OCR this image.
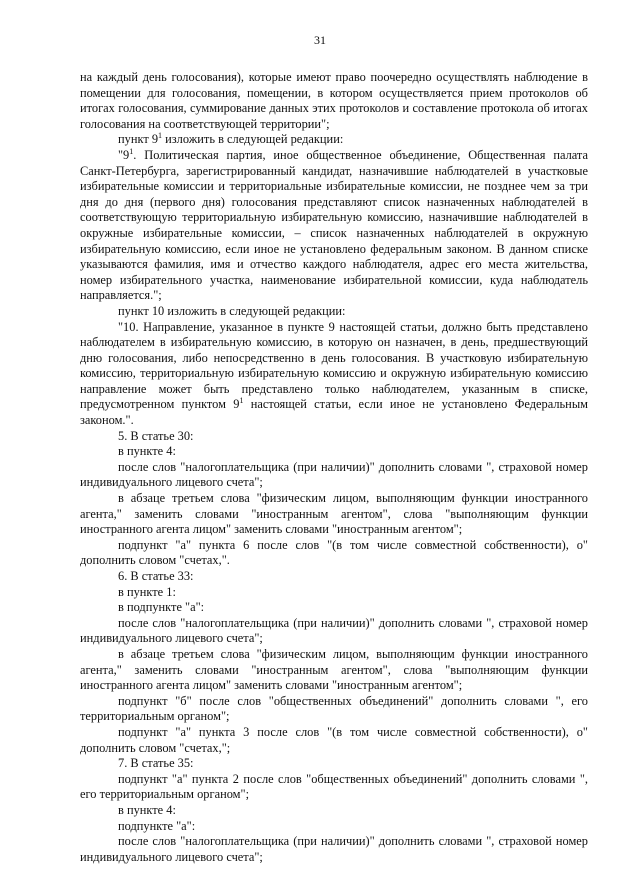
31

на каждый день голосования), которые имеют право поочередно осуществлять наблюдение в помещении для голосования, помещении, в котором осуществляется прием протоколов об итогах голосования, суммирование данных этих протоколов и составление протокола об итогах голосования на соответствующей территории";

пункт $9^1$ изложить в следующей редакции:

"$9^1$. Политическая партия, иное общественное объединение, Общественная палата Санкт-Петербурга, зарегистрированный кандидат, назначившие наблюдателей в участковые избирательные комиссии и территориальные избирательные комиссии, не позднее чем за три дня до дня (первого дня) голосования представляют список назначенных наблюдателей в соответствующую территориальную избирательную комиссию, назначившие наблюдателей в окружные избирательные комиссии, – список назначенных наблюдателей в окружную избирательную комиссию, если иное не установлено федеральным законом. В данном списке указываются фамилия, имя и отчество каждого наблюдателя, адрес его места жительства, номер избирательного участка, наименование избирательной комиссии, куда наблюдатель направляется.";

пункт 10 изложить в следующей редакции:

"10. Направление, указанное в пункте 9 настоящей статьи, должно быть представлено наблюдателем в избирательную комиссию, в которую он назначен, в день, предшествующий дню голосования, либо непосредственно в день голосования. В участковую избирательную комиссию, территориальную избирательную комиссию и окружную избирательную комиссию направление может быть представлено только наблюдателем, указанным в списке, предусмотренном пунктом $9^1$ настоящей статьи, если иное не установлено Федеральным законом.".

5. В статье 30:

в пункте 4:

после слов "налогоплательщика (при наличии)" дополнить словами ", страховой номер индивидуального лицевого счета";

в абзаце третьем слова "физическим лицом, выполняющим функции иностранного агента," заменить словами "иностранным агентом", слова "выполняющим функции иностранного агента лицом" заменить словами "иностранным агентом";

подпункт "а" пункта 6 после слов "(в том числе совместной собственности), о" дополнить словом "счетах,".

6. В статье 33:

в пункте 1:

в подпункте "а":

после слов "налогоплательщика (при наличии)" дополнить словами ", страховой номер индивидуального лицевого счета";

в абзаце третьем слова "физическим лицом, выполняющим функции иностранного агента," заменить словами "иностранным агентом", слова "выполняющим функции иностранного агента лицом" заменить словами "иностранным агентом";

подпункт "б" после слов "общественных объединений" дополнить словами ", его территориальным органом";

подпункт "а" пункта 3 после слов "(в том числе совместной собственности), о" дополнить словом "счетах,";

7. В статье 35:

подпункт "а" пункта 2 после слов "общественных объединений" дополнить словами ", его территориальным органом";

в пункте 4:

подпункте "а":

после слов "налогоплательщика (при наличии)" дополнить словами ", страховой номер индивидуального лицевого счета";
